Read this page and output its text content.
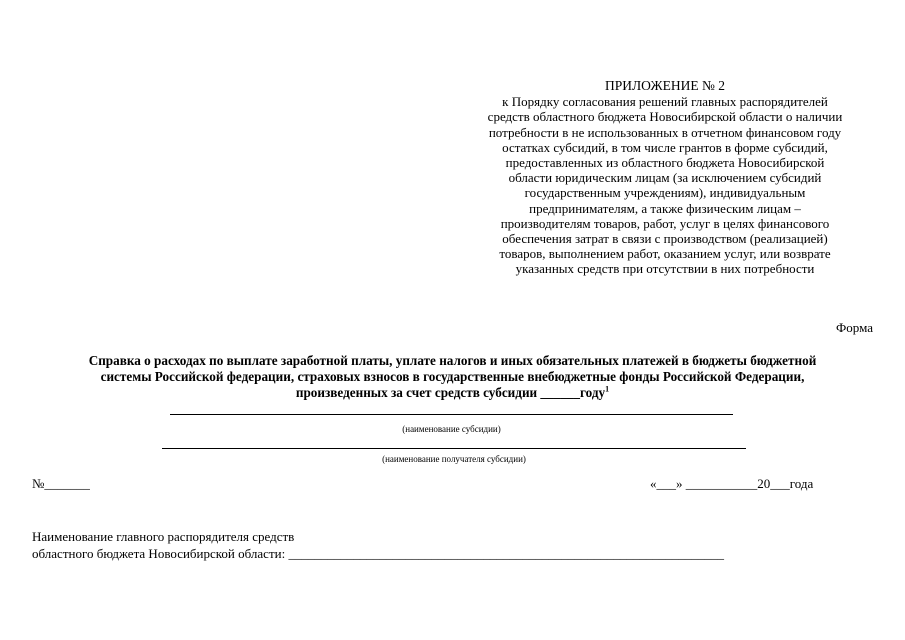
ПРИЛОЖЕНИЕ № 2
к Порядку согласования решений главных распорядителей
средств областного бюджета Новосибирской области о наличии
потребности в не использованных в отчетном финансовом году
остатках субсидий, в том числе грантов в форме субсидий,
предоставленных из областного бюджета Новосибирской
области юридическим лицам (за исключением субсидий
государственным учреждениям), индивидуальным
предпринимателям, а также физическим лицам –
производителям товаров, работ, услуг в целях финансового
обеспечения затрат в связи с производством (реализацией)
товаров, выполнением работ, оказанием услуг, или возврате
указанных средств при отсутствии в них потребности
Форма
Справка о расходах по выплате заработной платы, уплате налогов и иных обязательных платежей в бюджеты бюджетной
системы Российской федерации, страховых взносов в государственные внебюджетные фонды Российской Федерации,
произведенных за счет средств субсидии ______году$^1$
(наименование субсидии)
(наименование получателя субсидии)
№_______	«___» ___________20___года
Наименование главного распорядителя средств
областного бюджета Новосибирской области: ___________________________________________________________________
